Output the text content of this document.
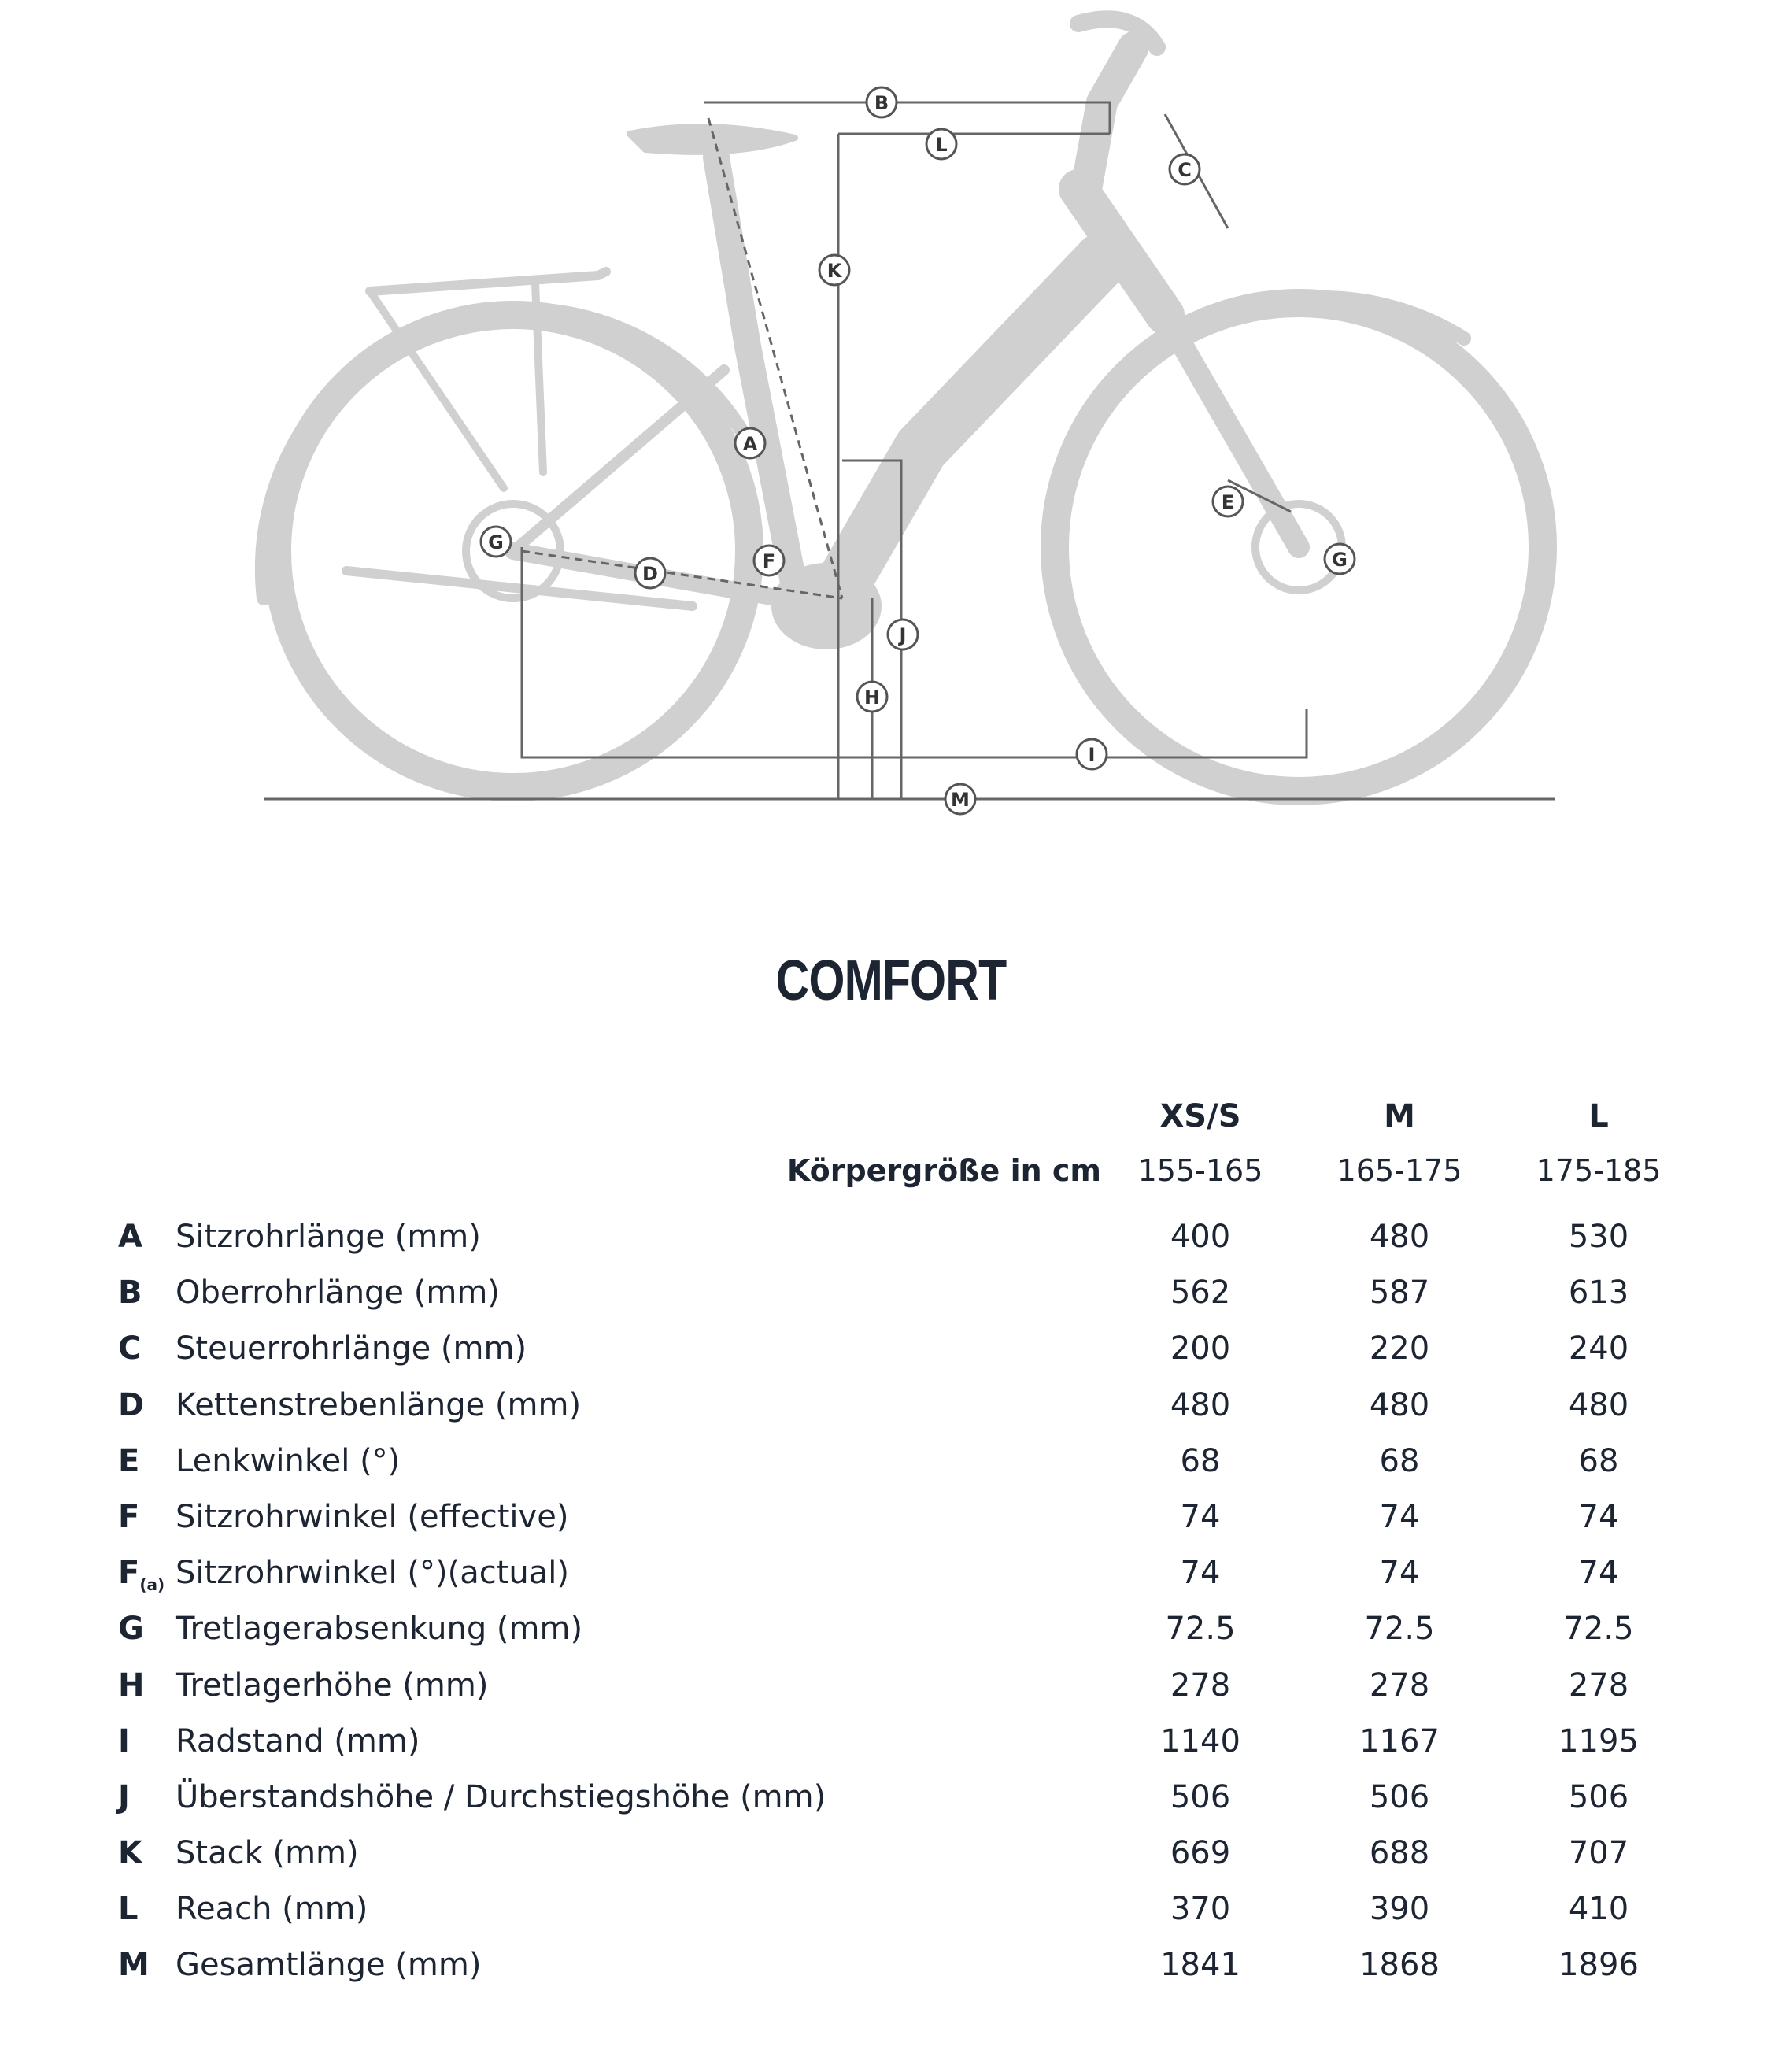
B
L
C
K
A
E
G
F	G
D
J
H
I
M
COMFORT
XS/S	M	L
Körpergröße in cm	155-165	165-175	175-185
A Sitzrohrlänge (mm)	400	480	530
B Oberrohrlänge (mm)	562	587	613
C Steuerrohrlänge (mm)	200	220	240
D Kettenstrebenlänge (mm)	480	480	480
E Lenkwinkel (°)	68	68	68
F Sitzrohrwinkel (effective)	74	74	74
$F_{(a)}$ Sitzrohrwinkel (°)(actual)	74	74	74
G Tretlagerabsenkung (mm)	72.5	72.5	72.5
H Tretlagerhöhe (mm)	278	278	278
I Radstand (mm)	1140	1167	1195
J Überstandshöhe / Durchstiegshöhe (mm)	506	506	506
K Stack (mm)	669	688	707
L Reach (mm)	370	390	410
M Gesamtlänge (mm)	1841	1868	1896
